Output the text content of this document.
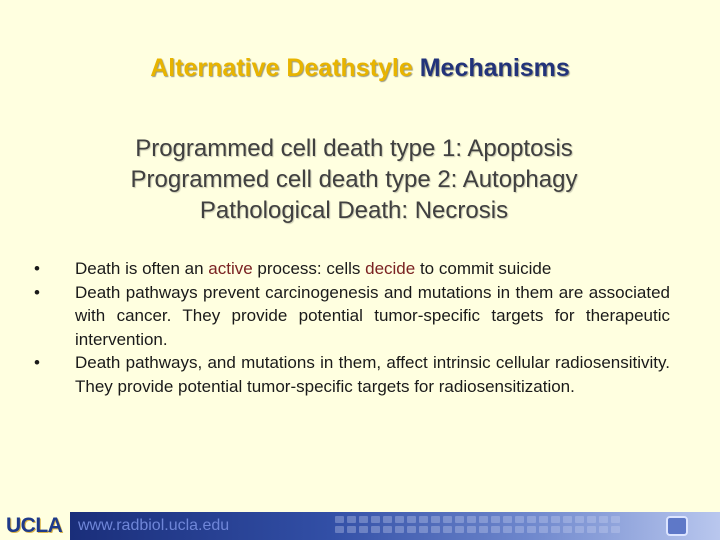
Alternative Deathstyle Mechanisms
Programmed cell death type 1: Apoptosis
Programmed cell death type 2: Autophagy
Pathological Death: Necrosis
• Death is often an active process: cells decide to commit suicide
• Death pathways prevent carcinogenesis and mutations in them are associated with cancer. They provide potential tumor-specific targets for therapeutic intervention.
• Death pathways, and mutations in them, affect intrinsic cellular radiosensitivity. They provide potential tumor-specific targets for radiosensitization.
UCLA www.radbiol.ucla.edu
